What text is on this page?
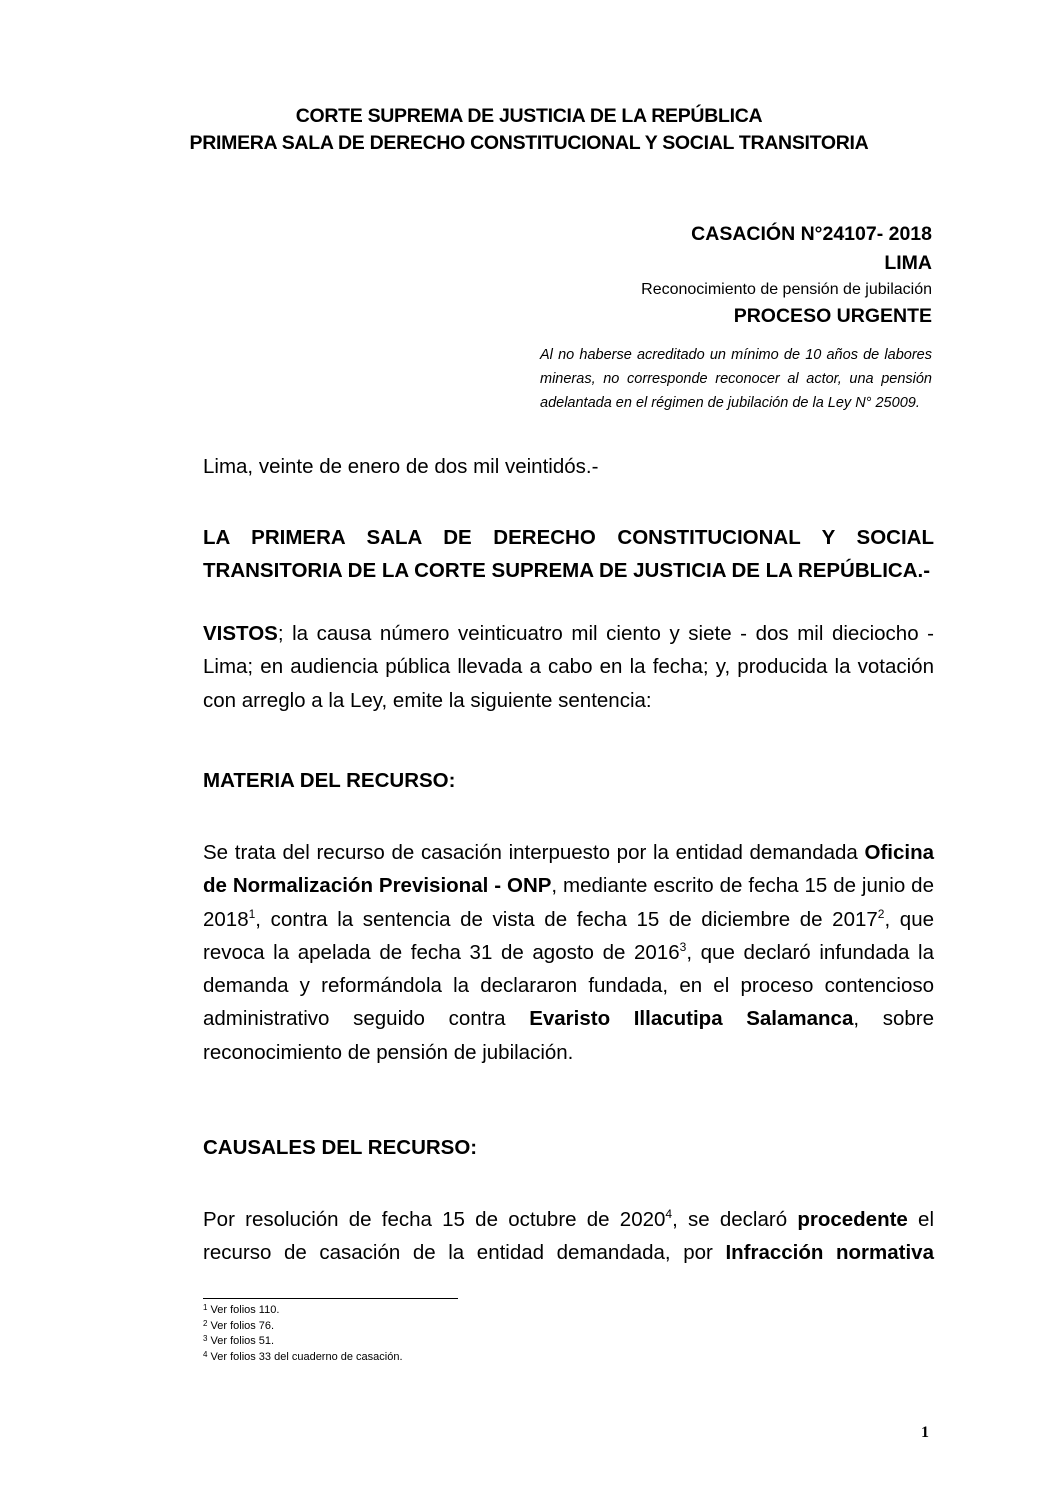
CORTE SUPREMA DE JUSTICIA DE LA REPÚBLICA
PRIMERA SALA DE DERECHO CONSTITUCIONAL Y SOCIAL TRANSITORIA
CASACIÓN N°24107- 2018
LIMA
Reconocimiento de pensión de jubilación
PROCESO URGENTE
Al no haberse acreditado un mínimo de 10 años de labores mineras, no corresponde reconocer al actor, una pensión adelantada en el régimen de jubilación de la Ley N° 25009.
Lima, veinte de enero de dos mil veintidós.-
LA PRIMERA SALA DE DERECHO CONSTITUCIONAL Y SOCIAL
TRANSITORIA DE LA CORTE SUPREMA DE JUSTICIA DE LA REPÚBLICA.-
VISTOS; la causa número veinticuatro mil ciento y siete - dos mil dieciocho - Lima; en audiencia pública llevada a cabo en la fecha; y, producida la votación con arreglo a la Ley, emite la siguiente sentencia:
MATERIA DEL RECURSO:
Se trata del recurso de casación interpuesto por la entidad demandada Oficina de Normalización Previsional - ONP, mediante escrito de fecha 15 de junio de 2018$^1$, contra la sentencia de vista de fecha 15 de diciembre de 2017$^2$, que revoca la apelada de fecha 31 de agosto de 2016$^3$, que declaró infundada la demanda y reformándola la declararon fundada, en el proceso contencioso administrativo seguido contra Evaristo Illacutipa Salamanca, sobre reconocimiento de pensión de jubilación.
CAUSALES DEL RECURSO:
Por resolución de fecha 15 de octubre de 2020$^4$, se declaró procedente el recurso de casación de la entidad demandada, por Infracción normativa
$^1$ Ver folios 110.
$^2$ Ver folios 76.
$^3$ Ver folios 51.
$^4$ Ver folios 33 del cuaderno de casación.
1
